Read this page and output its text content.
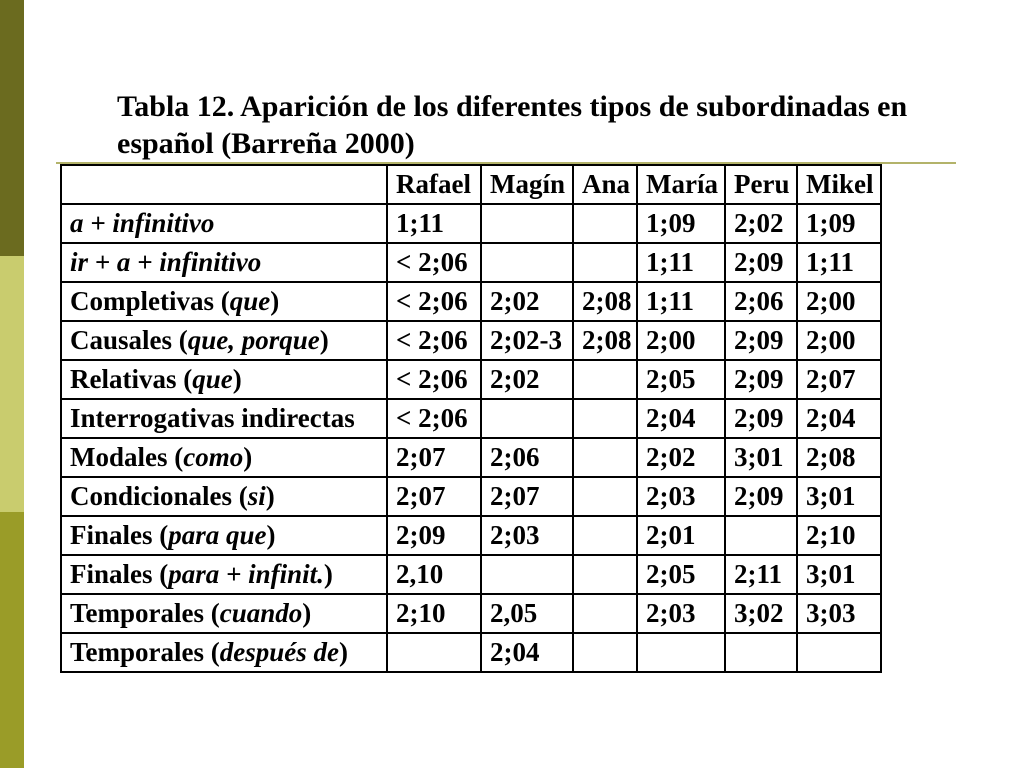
Tabla 12. Aparición de los diferentes tipos de subordinadas en
español (Barreña 2000)
	Rafael	Magín	Ana	María	Peru	Mikel
a + infinitivo	1;11			1;09	2;02	1;09
ir + a + infinitivo	< 2;06			1;11	2;09	1;11
Completivas (que)	< 2;06	2;02	2;08	1;11	2;06	2;00
Causales (que, porque)	< 2;06	2;02-3	2;08	2;00	2;09	2;00
Relativas (que)	< 2;06	2;02		2;05	2;09	2;07
Interrogativas indirectas	< 2;06			2;04	2;09	2;04
Modales (como)	2;07	2;06		2;02	3;01	2;08
Condicionales (si)	2;07	2;07		2;03	2;09	3;01
Finales (para que)	2;09	2;03		2;01		2;10
Finales (para + infinit.)	2,10			2;05	2;11	3;01
Temporales (cuando)	2;10	2,05		2;03	3;02	3;03
Temporales (después de)		2;04				
